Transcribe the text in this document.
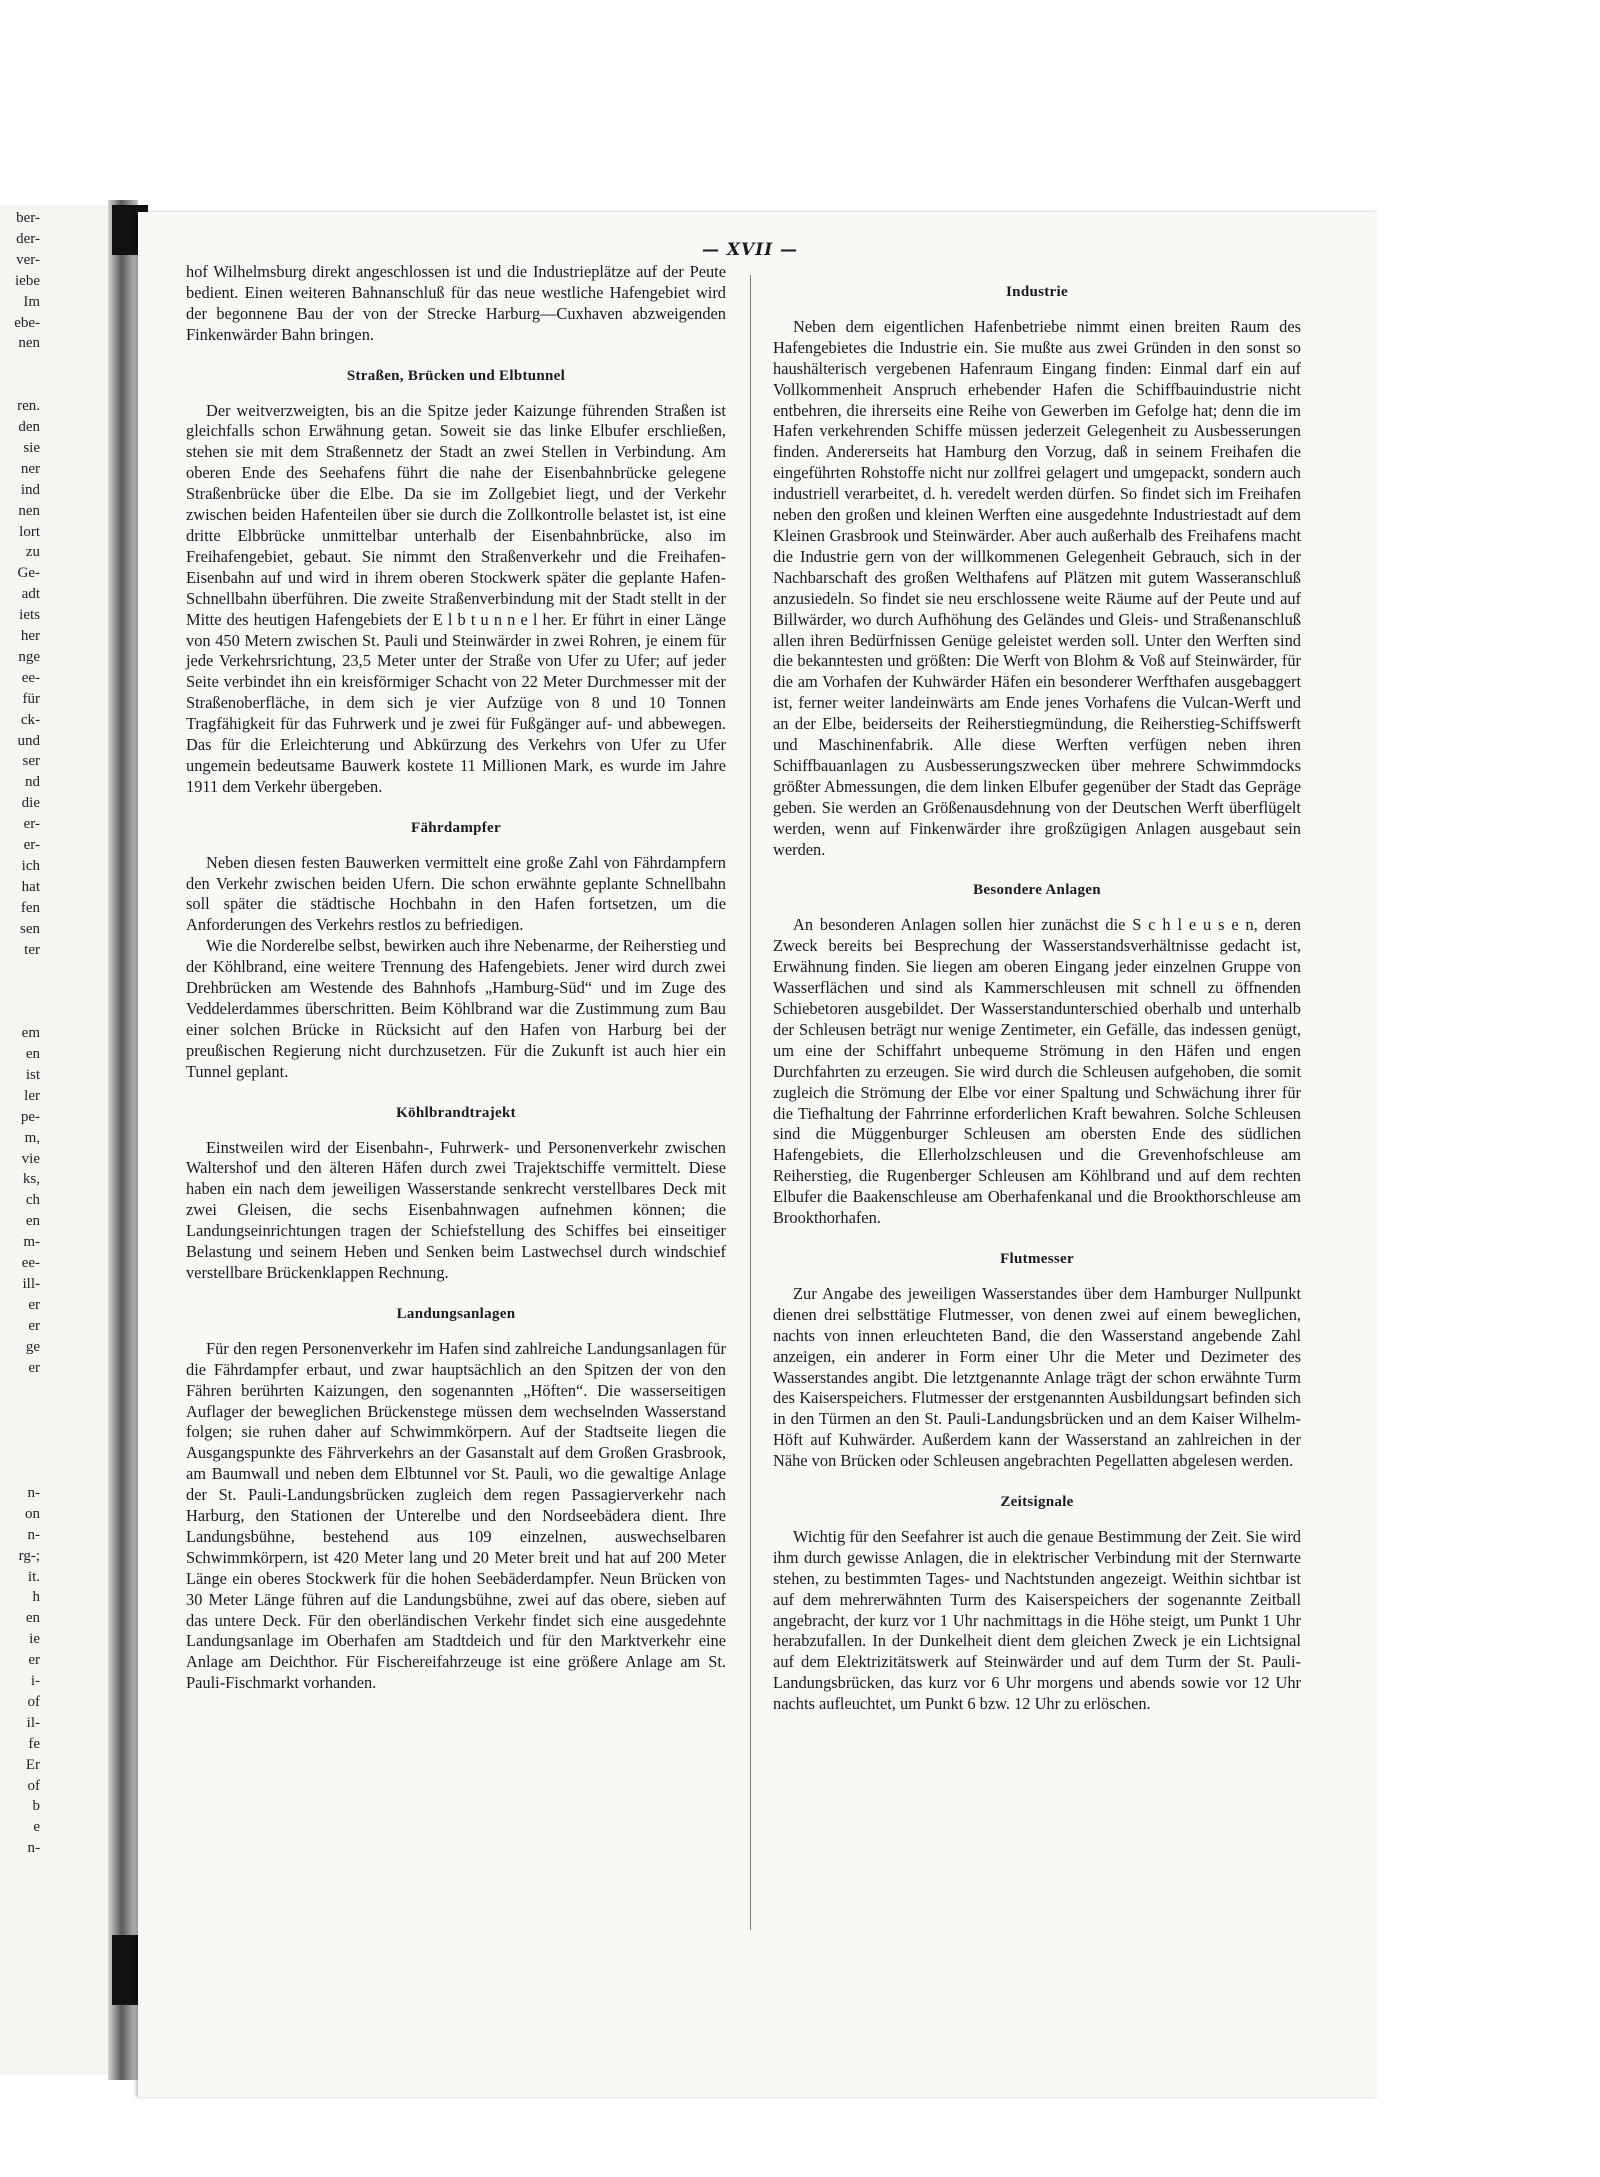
ber-
der-
ver-
iebe
Im
ebe-
nen
ren.
den
sie
ner
ind
nen
lort
zu
Ge-
adt
iets
her
nge
ee-
für
ck-
und
ser
nd
die
er-
er-
ich
hat
fen
sen
ter
em
en
ist
ler
pe-
m,
vie
ks,
ch
en
m-
ee-
ill-
er
er
ge
er
n-
on
n-
rg-;
it.
h
en
ie
er
i-
of
il-
fe
Er
of
b
e
n-
— XVII —

hof Wilhelmsburg direkt angeschlossen ist und die Industrieplätze auf der Peute bedient. Einen weiteren Bahnanschluß für das neue westliche Hafengebiet wird der begonnene Bau der von der Strecke Harburg—Cuxhaven abzweigenden Finkenwärder Bahn bringen.

Straßen, Brücken und Elbtunnel

Der weitverzweigten, bis an die Spitze jeder Kaizunge führenden Straßen ist gleichfalls schon Erwähnung getan. Soweit sie das linke Elbufer erschließen, stehen sie mit dem Straßennetz der Stadt an zwei Stellen in Verbindung. Am oberen Ende des Seehafens führt die nahe der Eisenbahnbrücke gelegene Straßenbrücke über die Elbe. Da sie im Zollgebiet liegt, und der Verkehr zwischen beiden Hafenteilen über sie durch die Zollkontrolle belastet ist, ist eine dritte Elbbrücke unmittelbar unterhalb der Eisenbahnbrücke, also im Freihafengebiet, gebaut. Sie nimmt den Straßenverkehr und die Freihafen-Eisenbahn auf und wird in ihrem oberen Stockwerk später die geplante Hafen-Schnellbahn überführen. Die zweite Straßenverbindung mit der Stadt stellt in der Mitte des heutigen Hafengebiets der E l b t u n n e l her. Er führt in einer Länge von 450 Metern zwischen St. Pauli und Steinwärder in zwei Rohren, je einem für jede Verkehrsrichtung, 23,5 Meter unter der Straße von Ufer zu Ufer; auf jeder Seite verbindet ihn ein kreisförmiger Schacht von 22 Meter Durchmesser mit der Straßenoberfläche, in dem sich je vier Aufzüge von 8 und 10 Tonnen Tragfähigkeit für das Fuhrwerk und je zwei für Fußgänger auf- und abbewegen. Das für die Erleichterung und Abkürzung des Verkehrs von Ufer zu Ufer ungemein bedeutsame Bauwerk kostete 11 Millionen Mark, es wurde im Jahre 1911 dem Verkehr übergeben.

Fährdampfer

Neben diesen festen Bauwerken vermittelt eine große Zahl von Fährdampfern den Verkehr zwischen beiden Ufern. Die schon erwähnte geplante Schnellbahn soll später die städtische Hochbahn in den Hafen fortsetzen, um die Anforderungen des Verkehrs restlos zu befriedigen.

Wie die Norderelbe selbst, bewirken auch ihre Nebenarme, der Reiherstieg und der Köhlbrand, eine weitere Trennung des Hafengebiets. Jener wird durch zwei Drehbrücken am Westende des Bahnhofs „Hamburg-Süd“ und im Zuge des Veddelerdammes überschritten. Beim Köhlbrand war die Zustimmung zum Bau einer solchen Brücke in Rücksicht auf den Hafen von Harburg bei der preußischen Regierung nicht durchzusetzen. Für die Zukunft ist auch hier ein Tunnel geplant.

Köhlbrandtrajekt

Einstweilen wird der Eisenbahn-, Fuhrwerk- und Personenverkehr zwischen Waltershof und den älteren Häfen durch zwei Trajektschiffe vermittelt. Diese haben ein nach dem jeweiligen Wasserstande senkrecht verstellbares Deck mit zwei Gleisen, die sechs Eisenbahnwagen aufnehmen können; die Landungseinrichtungen tragen der Schiefstellung des Schiffes bei einseitiger Belastung und seinem Heben und Senken beim Lastwechsel durch windschief verstellbare Brückenklappen Rechnung.

Landungsanlagen

Für den regen Personenverkehr im Hafen sind zahlreiche Landungsanlagen für die Fährdampfer erbaut, und zwar hauptsächlich an den Spitzen der von den Fähren berührten Kaizungen, den sogenannten „Höften“. Die wasserseitigen Auflager der beweglichen Brückenstege müssen dem wechselnden Wasserstand folgen; sie ruhen daher auf Schwimmkörpern. Auf der Stadtseite liegen die Ausgangspunkte des Fährverkehrs an der Gasanstalt auf dem Großen Grasbrook, am Baumwall und neben dem Elbtunnel vor St. Pauli, wo die gewaltige Anlage der St. Pauli-Landungsbrücken zugleich dem regen Passagierverkehr nach Harburg, den Stationen der Unterelbe und den Nordseebädera dient. Ihre Landungsbühne, bestehend aus 109 einzelnen, auswechselbaren Schwimmkörpern, ist 420 Meter lang und 20 Meter breit und hat auf 200 Meter Länge ein oberes Stockwerk für die hohen Seebäderdampfer. Neun Brücken von 30 Meter Länge führen auf die Landungsbühne, zwei auf das obere, sieben auf das untere Deck. Für den oberländischen Verkehr findet sich eine ausgedehnte Landungsanlage im Oberhafen am Stadtdeich und für den Marktverkehr eine Anlage am Deichthor. Für Fischereifahrzeuge ist eine größere Anlage am St. Pauli-Fischmarkt vorhanden.

Industrie

Neben dem eigentlichen Hafenbetriebe nimmt einen breiten Raum des Hafengebietes die Industrie ein. Sie mußte aus zwei Gründen in den sonst so haushälterisch vergebenen Hafenraum Eingang finden: Einmal darf ein auf Vollkommenheit Anspruch erhebender Hafen die Schiffbauindustrie nicht entbehren, die ihrerseits eine Reihe von Gewerben im Gefolge hat; denn die im Hafen verkehrenden Schiffe müssen jederzeit Gelegenheit zu Ausbesserungen finden. Andererseits hat Hamburg den Vorzug, daß in seinem Freihafen die eingeführten Rohstoffe nicht nur zollfrei gelagert und umgepackt, sondern auch industriell verarbeitet, d. h. veredelt werden dürfen. So findet sich im Freihafen neben den großen und kleinen Werften eine ausgedehnte Industriestadt auf dem Kleinen Grasbrook und Steinwärder. Aber auch außerhalb des Freihafens macht die Industrie gern von der willkommenen Gelegenheit Gebrauch, sich in der Nachbarschaft des großen Welthafens auf Plätzen mit gutem Wasseranschluß anzusiedeln. So findet sie neu erschlossene weite Räume auf der Peute und auf Billwärder, wo durch Aufhöhung des Geländes und Gleis- und Straßenanschluß allen ihren Bedürfnissen Genüge geleistet werden soll. Unter den Werften sind die bekanntesten und größten: Die Werft von Blohm & Voß auf Steinwärder, für die am Vorhafen der Kuhwärder Häfen ein besonderer Werfthafen ausgebaggert ist, ferner weiter landeinwärts am Ende jenes Vorhafens die Vulcan-Werft und an der Elbe, beiderseits der Reiherstiegmündung, die Reiherstieg-Schiffswerft und Maschinenfabrik. Alle diese Werften verfügen neben ihren Schiffbauanlagen zu Ausbesserungszwecken über mehrere Schwimmdocks größter Abmessungen, die dem linken Elbufer gegenüber der Stadt das Gepräge geben. Sie werden an Größenausdehnung von der Deutschen Werft überflügelt werden, wenn auf Finkenwärder ihre großzügigen Anlagen ausgebaut sein werden.

Besondere Anlagen

An besonderen Anlagen sollen hier zunächst die S c h l e u s e n, deren Zweck bereits bei Besprechung der Wasserstandsverhältnisse gedacht ist, Erwähnung finden. Sie liegen am oberen Eingang jeder einzelnen Gruppe von Wasserflächen und sind als Kammerschleusen mit schnell zu öffnenden Schiebetoren ausgebildet. Der Wasserstandunterschied oberhalb und unterhalb der Schleusen beträgt nur wenige Zentimeter, ein Gefälle, das indessen genügt, um eine der Schiffahrt unbequeme Strömung in den Häfen und engen Durchfahrten zu erzeugen. Sie wird durch die Schleusen aufgehoben, die somit zugleich die Strömung der Elbe vor einer Spaltung und Schwächung ihrer für die Tiefhaltung der Fahrrinne erforderlichen Kraft bewahren. Solche Schleusen sind die Müggenburger Schleusen am obersten Ende des südlichen Hafengebiets, die Ellerholzschleusen und die Grevenhofschleuse am Reiherstieg, die Rugenberger Schleusen am Köhlbrand und auf dem rechten Elbufer die Baakenschleuse am Oberhafenkanal und die Brookthorschleuse am Brookthorhafen.

Flutmesser

Zur Angabe des jeweiligen Wasserstandes über dem Hamburger Nullpunkt dienen drei selbsttätige Flutmesser, von denen zwei auf einem beweglichen, nachts von innen erleuchteten Band, die den Wasserstand angebende Zahl anzeigen, ein anderer in Form einer Uhr die Meter und Dezimeter des Wasserstandes angibt. Die letztgenannte Anlage trägt der schon erwähnte Turm des Kaiserspeichers. Flutmesser der erstgenannten Ausbildungsart befinden sich in den Türmen an den St. Pauli-Landungsbrücken und an dem Kaiser Wilhelm-Höft auf Kuhwärder. Außerdem kann der Wasserstand an zahlreichen in der Nähe von Brücken oder Schleusen angebrachten Pegellatten abgelesen werden.

Zeitsignale

Wichtig für den Seefahrer ist auch die genaue Bestimmung der Zeit. Sie wird ihm durch gewisse Anlagen, die in elektrischer Verbindung mit der Sternwarte stehen, zu bestimmten Tages- und Nachtstunden angezeigt. Weithin sichtbar ist auf dem mehrerwähnten Turm des Kaiserspeichers der sogenannte Zeitball angebracht, der kurz vor 1 Uhr nachmittags in die Höhe steigt, um Punkt 1 Uhr herabzufallen. In der Dunkelheit dient dem gleichen Zweck je ein Lichtsignal auf dem Elektrizitätswerk auf Steinwärder und auf dem Turm der St. Pauli-Landungsbrücken, das kurz vor 6 Uhr morgens und abends sowie vor 12 Uhr nachts aufleuchtet, um Punkt 6 bzw. 12 Uhr zu erlöschen.
